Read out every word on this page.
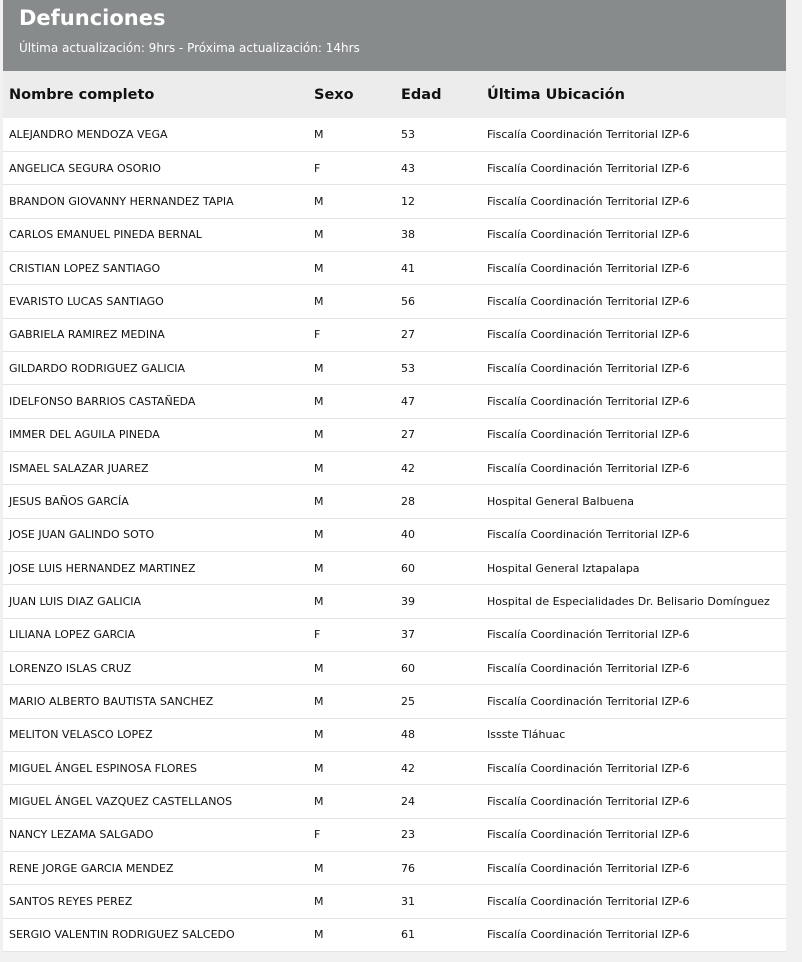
Defunciones
Última actualización: 9hrs - Próxima actualización: 14hrs
Nombre completo	Sexo	Edad	Última Ubicación
ALEJANDRO MENDOZA VEGA	M	53	Fiscalía Coordinación Territorial IZP-6
ANGELICA SEGURA OSORIO	F	43	Fiscalía Coordinación Territorial IZP-6
BRANDON GIOVANNY HERNANDEZ TAPIA	M	12	Fiscalía Coordinación Territorial IZP-6
CARLOS EMANUEL PINEDA BERNAL	M	38	Fiscalía Coordinación Territorial IZP-6
CRISTIAN LOPEZ SANTIAGO	M	41	Fiscalía Coordinación Territorial IZP-6
EVARISTO LUCAS SANTIAGO	M	56	Fiscalía Coordinación Territorial IZP-6
GABRIELA RAMIREZ MEDINA	F	27	Fiscalía Coordinación Territorial IZP-6
GILDARDO RODRIGUEZ GALICIA	M	53	Fiscalía Coordinación Territorial IZP-6
IDELFONSO BARRIOS CASTAÑEDA	M	47	Fiscalía Coordinación Territorial IZP-6
IMMER DEL AGUILA PINEDA	M	27	Fiscalía Coordinación Territorial IZP-6
ISMAEL SALAZAR JUAREZ	M	42	Fiscalía Coordinación Territorial IZP-6
JESUS BAÑOS GARCÍA	M	28	Hospital General Balbuena
JOSE JUAN GALINDO SOTO	M	40	Fiscalía Coordinación Territorial IZP-6
JOSE LUIS HERNANDEZ MARTINEZ	M	60	Hospital General Iztapalapa
JUAN LUIS DIAZ GALICIA	M	39	Hospital de Especialidades Dr. Belisario Domínguez
LILIANA LOPEZ GARCIA	F	37	Fiscalía Coordinación Territorial IZP-6
LORENZO ISLAS CRUZ	M	60	Fiscalía Coordinación Territorial IZP-6
MARIO ALBERTO BAUTISTA SANCHEZ	M	25	Fiscalía Coordinación Territorial IZP-6
MELITON VELASCO LOPEZ	M	48	Issste Tláhuac
MIGUEL ÁNGEL ESPINOSA FLORES	M	42	Fiscalía Coordinación Territorial IZP-6
MIGUEL ÁNGEL VAZQUEZ CASTELLANOS	M	24	Fiscalía Coordinación Territorial IZP-6
NANCY LEZAMA SALGADO	F	23	Fiscalía Coordinación Territorial IZP-6
RENE JORGE GARCIA MENDEZ	M	76	Fiscalía Coordinación Territorial IZP-6
SANTOS REYES PEREZ	M	31	Fiscalía Coordinación Territorial IZP-6
SERGIO VALENTIN RODRIGUEZ SALCEDO	M	61	Fiscalía Coordinación Territorial IZP-6
